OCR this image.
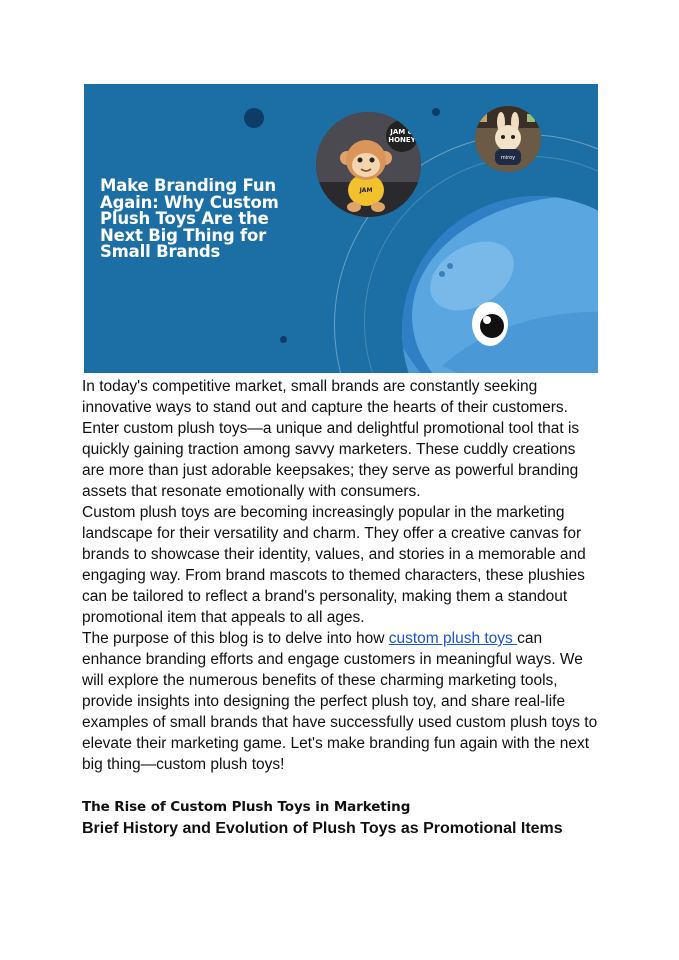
Make Branding Fun
Again: Why Custom
Plush Toys Are the
Next Big Thing for
Small Brands
JAM &
HONEY
JAM
miroy

In today's competitive market, small brands are constantly seeking innovative ways to stand out and capture the hearts of their customers. Enter custom plush toys—a unique and delightful promotional tool that is quickly gaining traction among savvy marketers. These cuddly creations are more than just adorable keepsakes; they serve as powerful branding assets that resonate emotionally with consumers.

Custom plush toys are becoming increasingly popular in the marketing landscape for their versatility and charm. They offer a creative canvas for brands to showcase their identity, values, and stories in a memorable and engaging way. From brand mascots to themed characters, these plushies can be tailored to reflect a brand's personality, making them a standout promotional item that appeals to all ages.

The purpose of this blog is to delve into how custom plush toys can enhance branding efforts and engage customers in meaningful ways. We will explore the numerous benefits of these charming marketing tools, provide insights into designing the perfect plush toy, and share real-life examples of small brands that have successfully used custom plush toys to elevate their marketing game. Let's make branding fun again with the next big thing—custom plush toys!

The Rise of Custom Plush Toys in Marketing
Brief History and Evolution of Plush Toys as Promotional Items
